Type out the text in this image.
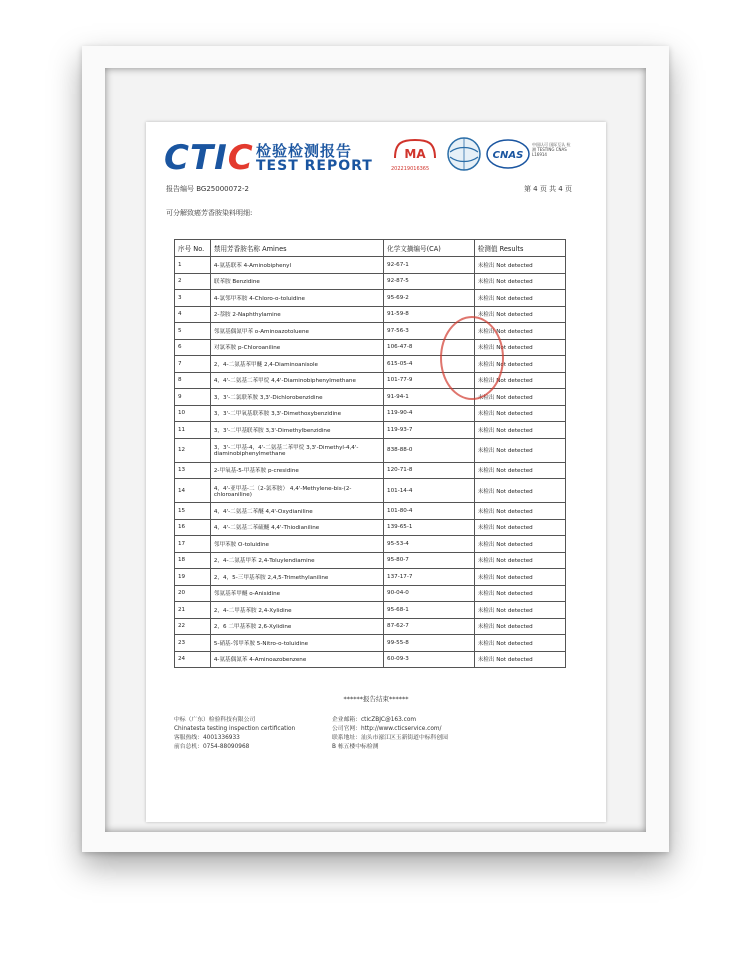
CTIC 检验检测报告
TEST REPORT
MA
202219016365
CNAS
中国认可 国际互认 检测 TESTING CNAS L16914
报告编号 BG25000072-2	第 4 页 共 4 页
可分解致癌芳香胺染料明细:
序号 No.	禁用芳香胺名称 Amines	化学文摘编号(CA)	检测值 Results
1	4-氨基联苯 4-Aminobiphenyl	92-67-1	未检出 Not detected
2	联苯胺 Benzidine	92-87-5	未检出 Not detected
3	4-氯邻甲苯胺 4-Chloro-o-toluidine	95-69-2	未检出 Not detected
4	2-萘胺 2-Naphthylamine	91-59-8	未检出 Not detected
5	邻氨基偶氮甲苯 o-Aminoazotoluene	97-56-3	未检出 Not detected
6	对氯苯胺 p-Chloroaniline	106-47-8	未检出 Not detected
7	2，4-二氨基苯甲醚 2,4-Diaminoanisole	615-05-4	未检出 Not detected
8	4，4'-二氨基二苯甲烷 4,4'-Diaminobiphenylmethane	101-77-9	未检出 Not detected
9	3，3'-二氯联苯胺 3,3'-Dichlorobenzidine	91-94-1	未检出 Not detected
10	3，3'-二甲氧基联苯胺 3,3'-Dimethoxybenzidine	119-90-4	未检出 Not detected
11	3，3'-二甲基联苯胺 3,3'-Dimethylbenzidine	119-93-7	未检出 Not detected
12	3，3'-二甲基-4，4'-二氨基二苯甲烷 3,3'-Dimethyl-4,4'-diaminobiphenylmethane	838-88-0	未检出 Not detected
13	2-甲氧基-5-甲基苯胺 p-cresidine	120-71-8	未检出 Not detected
14	4，4'-亚甲基-二（2-氯苯胺） 4,4'-Methylene-bis-(2-chloroaniline)	101-14-4	未检出 Not detected
15	4，4'-二氨基二苯醚 4,4'-Oxydianiline	101-80-4	未检出 Not detected
16	4，4'-二氨基二苯硫醚 4,4'-Thiodianiline	139-65-1	未检出 Not detected
17	邻甲苯胺 O-toluidine	95-53-4	未检出 Not detected
18	2，4-二氨基甲苯 2,4-Toluylendiamine	95-80-7	未检出 Not detected
19	2，4，5-三甲基苯胺 2,4,5-Trimethylaniline	137-17-7	未检出 Not detected
20	邻氨基苯甲醚 o-Anisidine	90-04-0	未检出 Not detected
21	2，4-二甲基苯胺 2,4-Xylidine	95-68-1	未检出 Not detected
22	2，6 二甲基苯胺 2,6-Xylidine	87-62-7	未检出 Not detected
23	5-硝基-邻甲苯胺 5-Nitro-o-toluidine	99-55-8	未检出 Not detected
24	4-氨基偶氮苯 4-Aminoazobenzene	60-09-3	未检出 Not detected
******报告结束******
中标（广东）检验科技有限公司
Chinatesta testing inspection certification
客服热线：4001336933
前台总机：0754-88090968
企业邮箱：cticZBJC@163.com
公司官网：http://www.cticservice.com/
联系地址：汕头市濠江区玉新街道中标科创园
B 栋五楼中标检测
